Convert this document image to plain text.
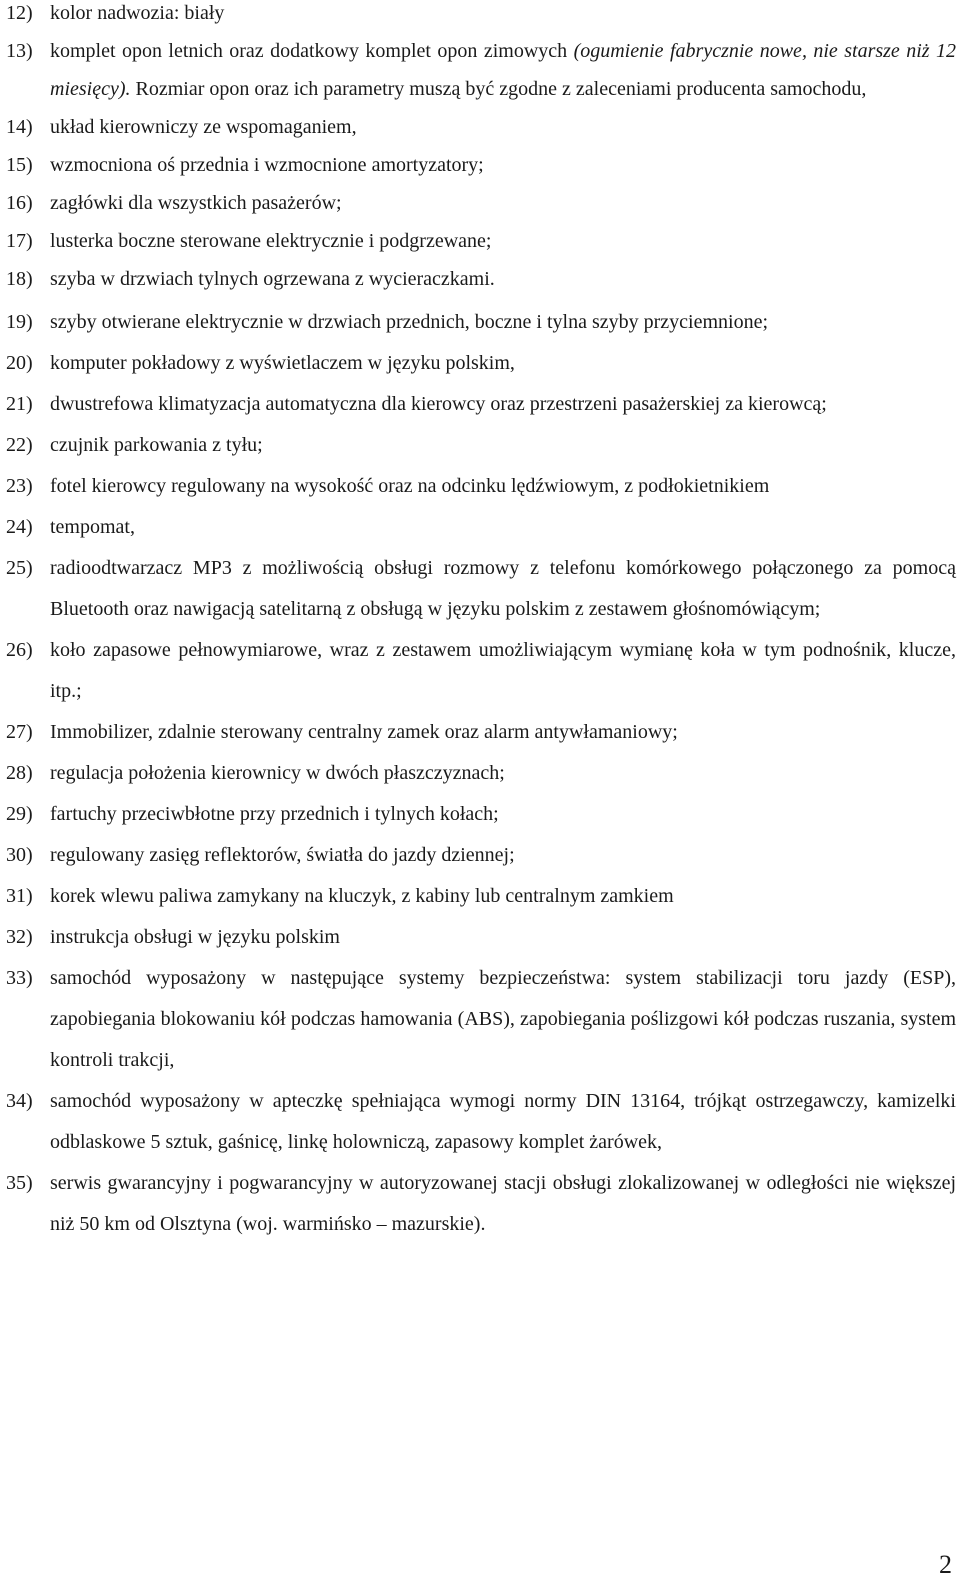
12) kolor nadwozia: biały
13) komplet opon letnich oraz dodatkowy komplet opon zimowych (ogumienie fabrycznie nowe, nie starsze niż 12 miesięcy). Rozmiar opon oraz ich parametry muszą być zgodne z zaleceniami producenta samochodu,
14) układ kierowniczy ze wspomaganiem,
15) wzmocniona oś przednia i wzmocnione amortyzatory;
16) zagłówki dla wszystkich pasażerów;
17) lusterka boczne sterowane elektrycznie i podgrzewane;
18) szyba w drzwiach tylnych ogrzewana z wycieraczkami.
19) szyby otwierane elektrycznie w drzwiach przednich, boczne i tylna szyby przyciemnione;
20) komputer pokładowy z wyświetlaczem w języku polskim,
21) dwustrefowa klimatyzacja automatyczna dla kierowcy oraz przestrzeni pasażerskiej za kierowcą;
22) czujnik parkowania z tyłu;
23) fotel kierowcy regulowany na wysokość oraz na odcinku lędźwiowym, z podłokietnikiem
24) tempomat,
25) radioodtwarzacz MP3 z możliwością obsługi rozmowy z telefonu komórkowego połączonego za pomocą Bluetooth oraz nawigacją satelitarną z obsługą w języku polskim z zestawem głośnomówiącym;
26) koło zapasowe pełnowymiarowe, wraz z zestawem umożliwiającym wymianę koła w tym podnośnik, klucze, itp.;
27) Immobilizer, zdalnie sterowany centralny zamek oraz alarm antywłamaniowy;
28) regulacja położenia kierownicy w dwóch płaszczyznach;
29) fartuchy przeciwbłotne przy przednich i tylnych kołach;
30) regulowany zasięg reflektorów, światła do jazdy dziennej;
31) korek wlewu paliwa zamykany na kluczyk, z kabiny lub centralnym zamkiem
32) instrukcja obsługi w języku polskim
33) samochód wyposażony w następujące systemy bezpieczeństwa: system stabilizacji toru jazdy (ESP), zapobiegania blokowaniu kół podczas hamowania (ABS), zapobiegania poślizgowi kół podczas ruszania, system kontroli trakcji,
34) samochód wyposażony w apteczkę spełniająca wymogi normy DIN 13164, trójkąt ostrzegawczy, kamizelki odblaskowe 5 sztuk, gaśnicę, linkę holowniczą, zapasowy komplet żarówek,
35) serwis gwarancyjny i pogwarancyjny w autoryzowanej stacji obsługi zlokalizowanej w odległości nie większej niż 50 km od Olsztyna (woj. warmińsko – mazurskie).
2
